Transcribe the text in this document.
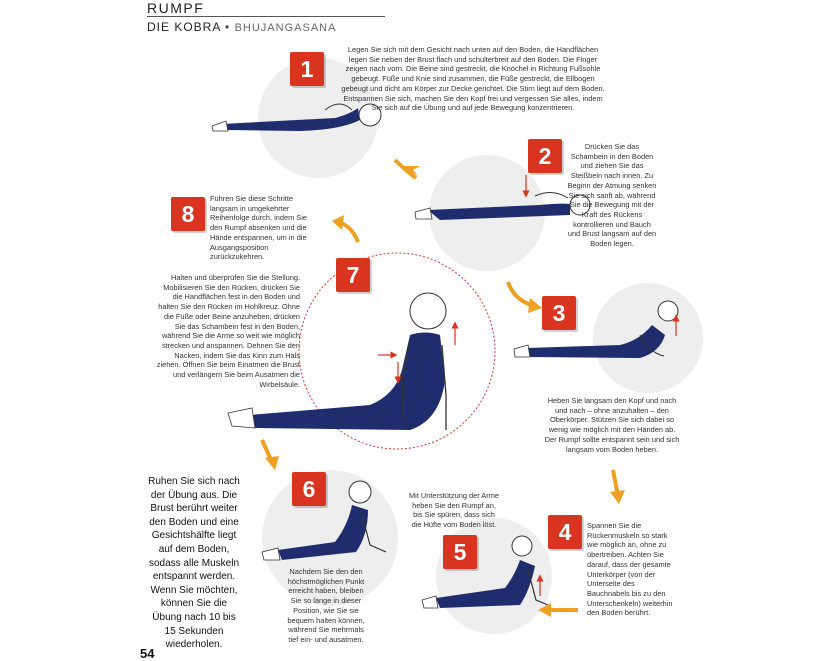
RUMPF
DIE KOBRA • BHUJANGASANA
1
2
3
4
5
6
7
8
Legen Sie sich mit dem Gesicht nach unten auf den Boden, die Handflächen legen Sie neben der Brust flach und schulterbreit auf den Boden. Die Finger zeigen nach vorn. Die Beine sind gestreckt, die Knöchel in Richtung Fußsohle gebeugt. Füße und Knie sind zusammen, die Füße gestreckt, die Ellbogen gebeugt und dicht am Körper zur Decke gerichtet. Die Stirn liegt auf dem Boden. Entspannen Sie sich, machen Sie den Kopf frei und vergessen Sie alles, indem Sie sich auf die Übung und auf jede Bewegung konzentrieren.
Drücken Sie das Schambein in den Boden und ziehen Sie das Steißbein nach innen. Zu Beginn der Atmung senken Sie sich sanft ab, während Sie die Bewegung mit der Kraft des Rückens kontrollieren und Bauch und Brust langsam auf den Boden legen.
Heben Sie langsam den Kopf und nach und nach – ohne anzuhalten – den Oberkörper. Stützen Sie sich dabei so wenig wie möglich mit den Händen ab. Der Rumpf sollte entspannt sein und sich langsam vom Boden heben.
Spannen Sie die Rückenmuskeln so stark wie möglich an, ohne zu übertreiben. Achten Sie darauf, dass der gesamte Unterkörper (von der Unterseite des Bauchnabels bis zu den Unterschenkeln) weiterhin den Boden berührt.
Mit Unterstützung der Arme heben Sie den Rumpf an, bis Sie spüren, dass sich die Hüfte vom Boden löst.
Nachdem Sie den den höchstmöglichen Punkt erreicht haben, bleiben Sie so lange in dieser Position, wie Sie sie bequem halten können, während Sie mehrmals tief ein- und ausatmen.
Halten und überprüfen Sie die Stellung. Mobilisieren Sie den Rücken, drücken Sie die Handflächen fest in den Boden und halten Sie den Rücken im Hohlkreuz. Ohne die Füße oder Beine anzuheben, drücken Sie das Schambein fest in den Boden, während Sie die Arme so weit wie möglich strecken und anspannen. Dehnen Sie den Nacken, indem Sie das Kinn zum Hals ziehen. Öffnen Sie beim Einatmen die Brust und verlängern Sie beim Ausatmen die Wirbelsäule.
Führen Sie diese Schritte langsam in umgekehrter Reihenfolge durch, indem Sie den Rumpf absenken und die Hände entspannen, um in die Ausgangsposition zurückzukehren.
Ruhen Sie sich nach der Übung aus. Die Brust berührt weiter den Boden und eine Gesichtshälfte liegt auf dem Boden, sodass alle Muskeln entspannt werden. Wenn Sie möchten, können Sie die Übung nach 10 bis 15 Sekunden wiederholen.
54
